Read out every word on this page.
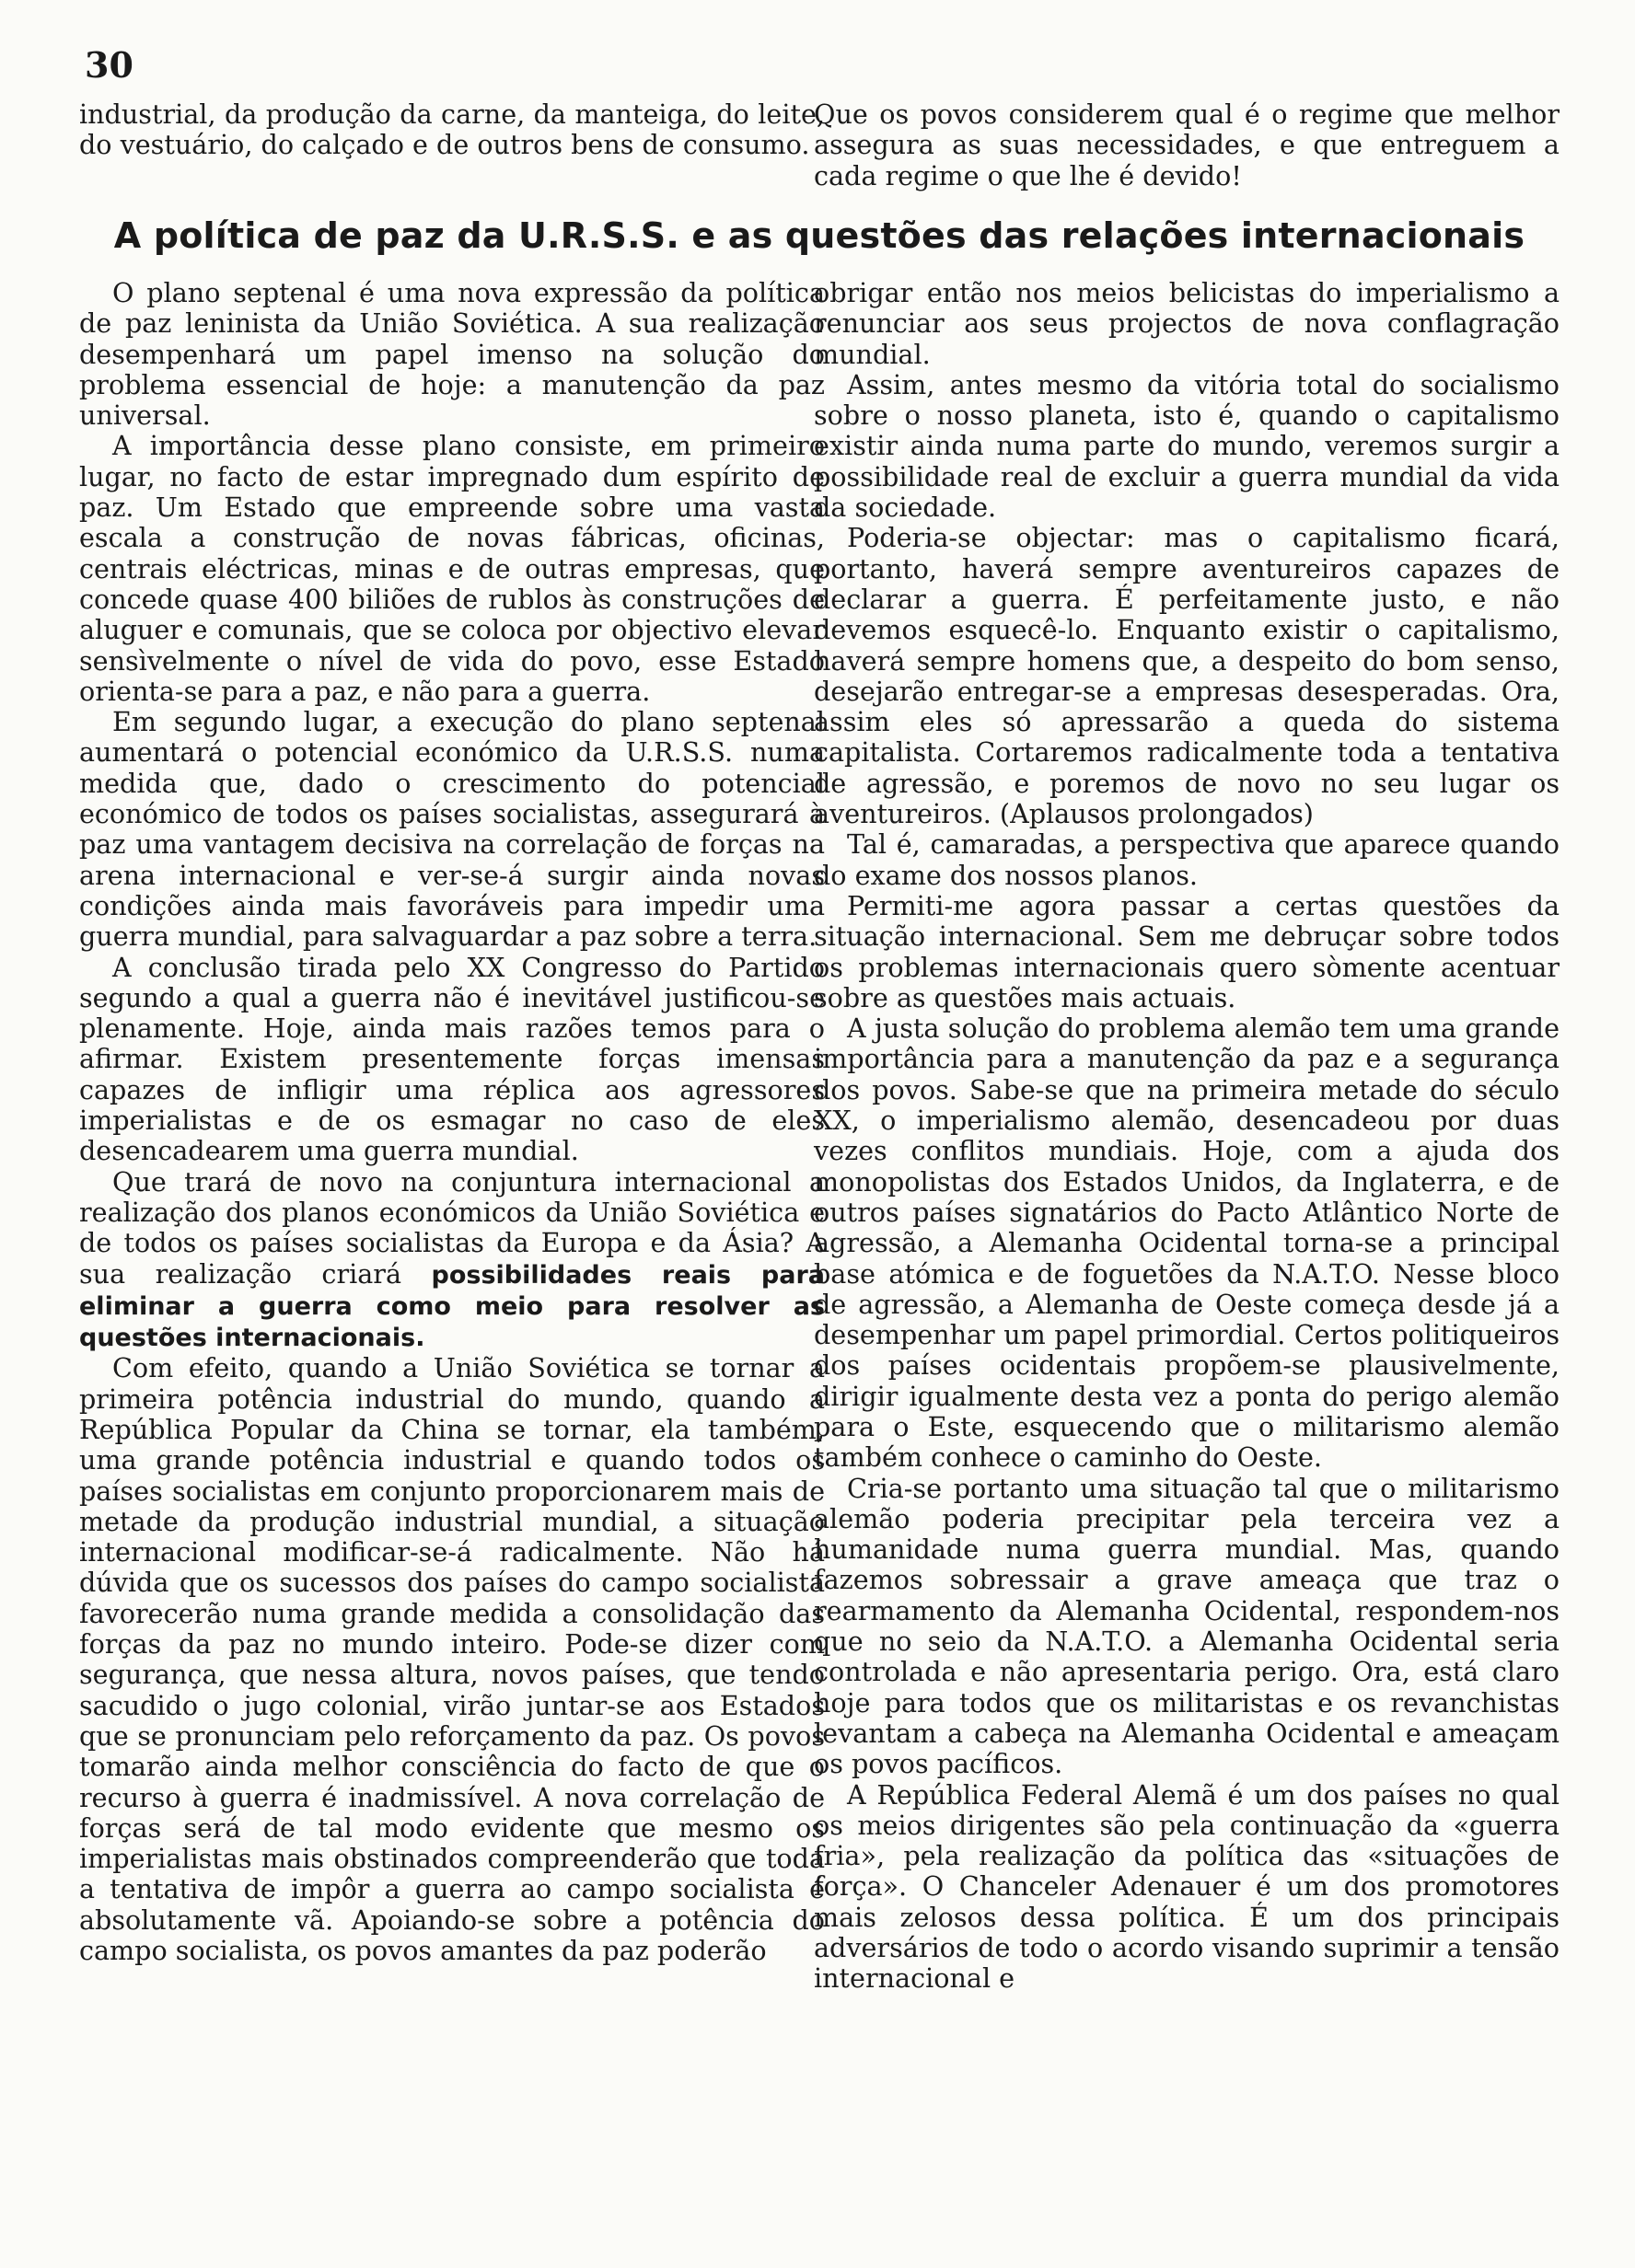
30

industrial, da produção da carne, da manteiga, do leite, do vestuário, do calçado e de outros bens de consumo.

Que os povos considerem qual é o regime que melhor assegura as suas necessidades, e que entreguem a cada regime o que lhe é devido!

A política de paz da U.R.S.S. e as questões das relações internacionais

O plano septenal é uma nova expressão da política de paz leninista da União Soviética. A sua realização desempenhará um papel imenso na solução do problema essencial de hoje: a manutenção da paz universal.

A importância desse plano consiste, em primeiro lugar, no facto de estar impregnado dum espírito de paz. Um Estado que empreende sobre uma vasta escala a construção de novas fábricas, oficinas, centrais eléctricas, minas e de outras empresas, que concede quase 400 biliões de rublos às construções de aluguer e comunais, que se coloca por objectivo elevar sensìvelmente o nível de vida do povo, esse Estado orienta-se para a paz, e não para a guerra.

Em segundo lugar, a execução do plano septenal aumentará o potencial económico da U.R.S.S. numa medida que, dado o crescimento do potencial económico de todos os países socialistas, assegurará à paz uma vantagem decisiva na correlação de forças na arena internacional e ver-se-á surgir ainda novas condições ainda mais favoráveis para impedir uma guerra mundial, para salvaguardar a paz sobre a terra.

A conclusão tirada pelo XX Congresso do Partido segundo a qual a guerra não é inevitável justificou-se plenamente. Hoje, ainda mais razões temos para o afirmar. Existem presentemente forças imensas capazes de infligir uma réplica aos agressores imperialistas e de os esmagar no caso de eles desencadearem uma guerra mundial.

Que trará de novo na conjuntura internacional a realização dos planos económicos da União Soviética e de todos os países socialistas da Europa e da Ásia? A sua realização criará possibilidades reais para eliminar a guerra como meio para resolver as questões internacionais.

Com efeito, quando a União Soviética se tornar a primeira potência industrial do mundo, quando a República Popular da China se tornar, ela também, uma grande potência industrial e quando todos os países socialistas em conjunto proporcionarem mais de metade da produção industrial mundial, a situação internacional modificar-se-á radicalmente. Não há dúvida que os sucessos dos países do campo socialista favorecerão numa grande medida a consolidação das forças da paz no mundo inteiro. Pode-se dizer com segurança, que nessa altura, novos países, que tendo sacudido o jugo colonial, virão juntar-se aos Estados que se pronunciam pelo reforçamento da paz. Os povos tomarão ainda melhor consciência do facto de que o recurso à guerra é inadmissível. A nova correlação de forças será de tal modo evidente que mesmo os imperialistas mais obstinados compreenderão que toda a tentativa de impôr a guerra ao campo socialista é absolutamente vã. Apoiando-se sobre a potência do campo socialista, os povos amantes da paz poderão

obrigar então nos meios belicistas do imperialismo a renunciar aos seus projectos de nova conflagração mundial.

Assim, antes mesmo da vitória total do socialismo sobre o nosso planeta, isto é, quando o capitalismo existir ainda numa parte do mundo, veremos surgir a possibilidade real de excluir a guerra mundial da vida da sociedade.

Poderia-se objectar: mas o capitalismo ficará, portanto, haverá sempre aventureiros capazes de declarar a guerra. É perfeitamente justo, e não devemos esquecê-lo. Enquanto existir o capitalismo, haverá sempre homens que, a despeito do bom senso, desejarão entregar-se a empresas desesperadas. Ora, assim eles só apressarão a queda do sistema capitalista. Cortaremos radicalmente toda a tentativa de agressão, e poremos de novo no seu lugar os aventureiros. (Aplausos prolongados)

Tal é, camaradas, a perspectiva que aparece quando do exame dos nossos planos.

Permiti-me agora passar a certas questões da situação internacional. Sem me debruçar sobre todos os problemas internacionais quero sòmente acentuar sobre as questões mais actuais.

A justa solução do problema alemão tem uma grande importância para a manutenção da paz e a segurança dos povos. Sabe-se que na primeira metade do século XX, o imperialismo alemão, desencadeou por duas vezes conflitos mundiais. Hoje, com a ajuda dos monopolistas dos Estados Unidos, da Inglaterra, e de outros países signatários do Pacto Atlântico Norte de agressão, a Alemanha Ocidental torna-se a principal base atómica e de foguetões da N.A.T.O. Nesse bloco de agressão, a Alemanha de Oeste começa desde já a desempenhar um papel primordial. Certos politiqueiros dos países ocidentais propõem-se plausivelmente, dirigir igualmente desta vez a ponta do perigo alemão para o Este, esquecendo que o militarismo alemão também conhece o caminho do Oeste.

Cria-se portanto uma situação tal que o militarismo alemão poderia precipitar pela terceira vez a humanidade numa guerra mundial. Mas, quando fazemos sobressair a grave ameaça que traz o rearmamento da Alemanha Ocidental, respondem-nos que no seio da N.A.T.O. a Alemanha Ocidental seria controlada e não apresentaria perigo. Ora, está claro hoje para todos que os militaristas e os revanchistas levantam a cabeça na Alemanha Ocidental e ameaçam os povos pacíficos.

A República Federal Alemã é um dos países no qual os meios dirigentes são pela continuação da «guerra fria», pela realização da política das «situações de força». O Chanceler Adenauer é um dos promotores mais zelosos dessa política. É um dos principais adversários de todo o acordo visando suprimir a tensão internacional e
